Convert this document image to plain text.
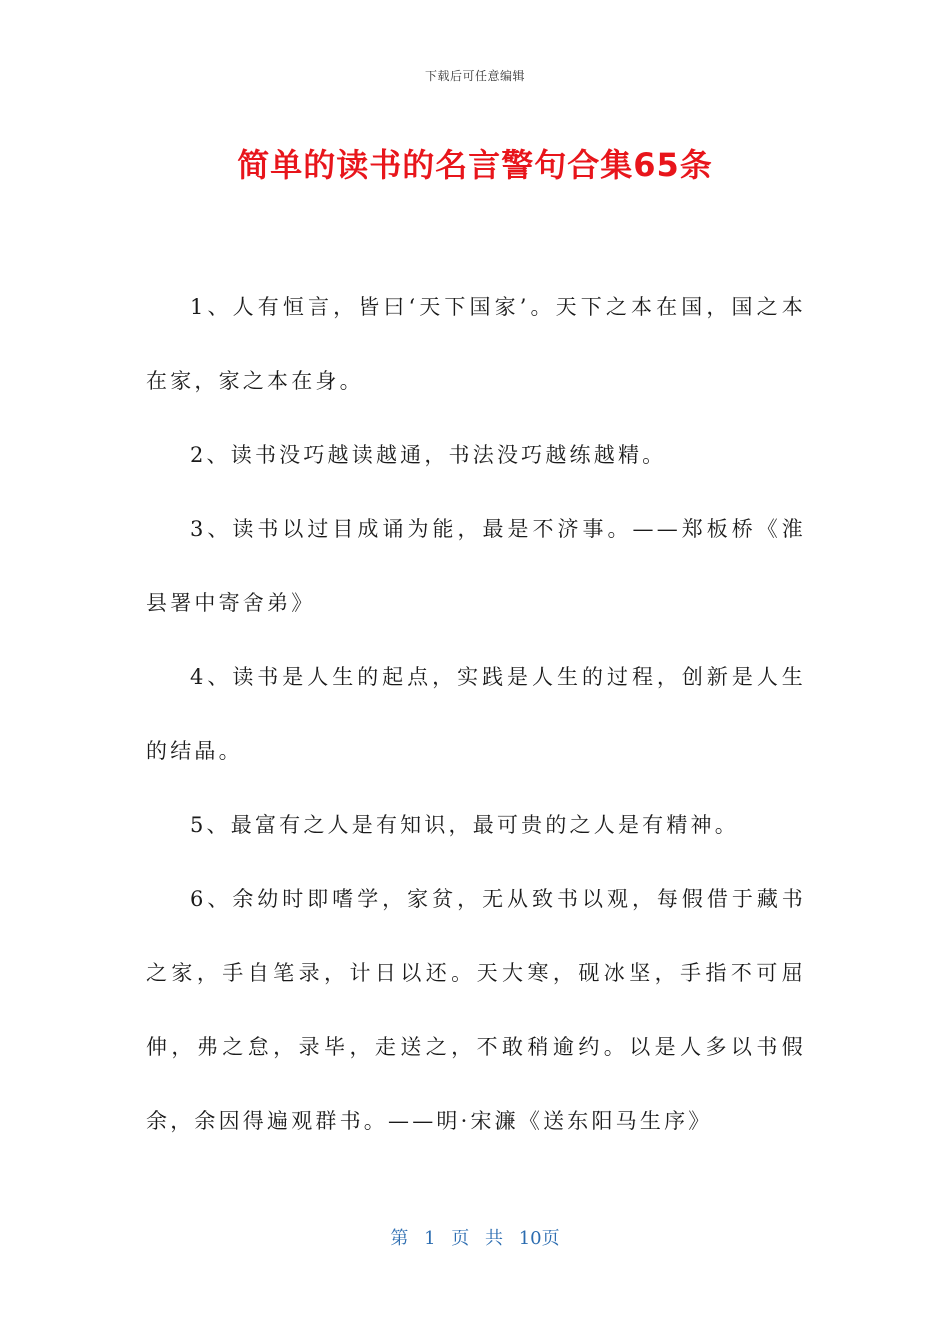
下载后可任意编辑
简单的读书的名言警句合集65条

1、人有恒言，皆曰‘天下国家’。天下之本在国，国之本在家，家之本在身。

2、读书没巧越读越通，书法没巧越练越精。

3、读书以过目成诵为能，最是不济事。——郑板桥《淮县署中寄舍弟》

4、读书是人生的起点，实践是人生的过程，创新是人生的结晶。

5、最富有之人是有知识，最可贵的之人是有精神。

6、余幼时即嗜学，家贫，无从致书以观，每假借于藏书之家，手自笔录，计日以还。天大寒，砚冰坚，手指不可屈伸，弗之怠，录毕，走送之，不敢稍逾约。以是人多以书假余，余因得遍观群书。——明·宋濂《送东阳马生序》

第 1 页 共 10页
